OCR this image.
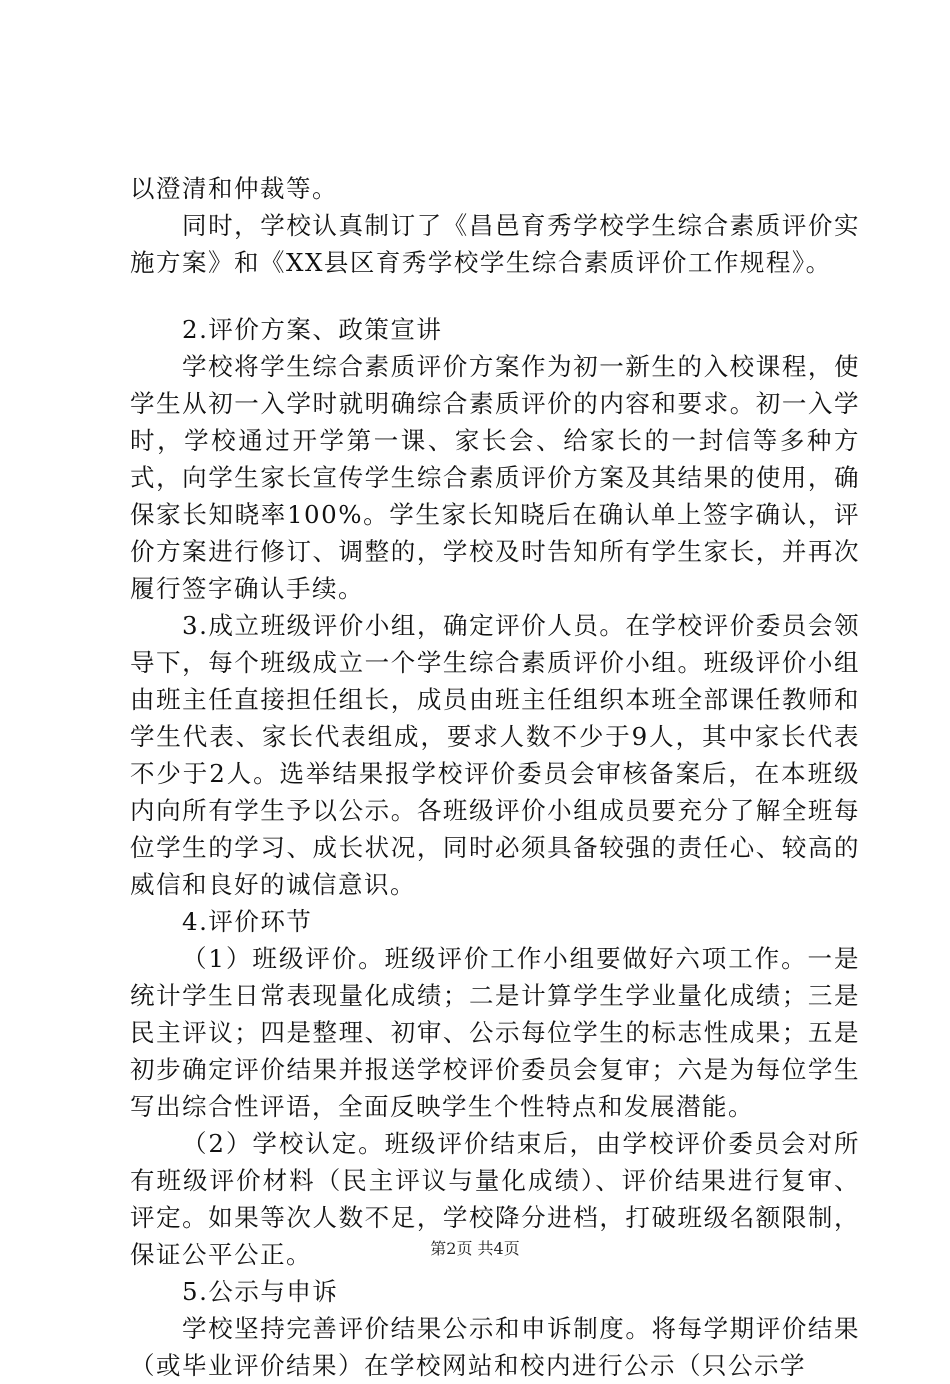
以澄清和仲裁等。

同时，学校认真制订了《昌邑育秀学校学生综合素质评价实施方案》和《XX县区育秀学校学生综合素质评价工作规程》。

2.评价方案、政策宣讲

学校将学生综合素质评价方案作为初一新生的入校课程，使学生从初一入学时就明确综合素质评价的内容和要求。初一入学时，学校通过开学第一课、家长会、给家长的一封信等多种方式，向学生家长宣传学生综合素质评价方案及其结果的使用，确保家长知晓率100%。学生家长知晓后在确认单上签字确认，评价方案进行修订、调整的，学校及时告知所有学生家长，并再次履行签字确认手续。

3.成立班级评价小组，确定评价人员。在学校评价委员会领导下，每个班级成立一个学生综合素质评价小组。班级评价小组由班主任直接担任组长，成员由班主任组织本班全部课任教师和学生代表、家长代表组成，要求人数不少于9人，其中家长代表不少于2人。选举结果报学校评价委员会审核备案后，在本班级内向所有学生予以公示。各班级评价小组成员要充分了解全班每位学生的学习、成长状况，同时必须具备较强的责任心、较高的威信和良好的诚信意识。

4.评价环节

（1）班级评价。班级评价工作小组要做好六项工作。一是统计学生日常表现量化成绩；二是计算学生学业量化成绩；三是民主评议；四是整理、初审、公示每位学生的标志性成果；五是初步确定评价结果并报送学校评价委员会复审；六是为每位学生写出综合性评语，全面反映学生个性特点和发展潜能。

（2）学校认定。班级评价结束后，由学校评价委员会对所有班级评价材料（民主评议与量化成绩）、评价结果进行复审、评定。如果等次人数不足，学校降分进档，打破班级名额限制，保证公平公正。

5.公示与申诉

学校坚持完善评价结果公示和申诉制度。将每学期评价结果（或毕业评价结果）在学校网站和校内进行公示（只公示学

第2页 共4页
